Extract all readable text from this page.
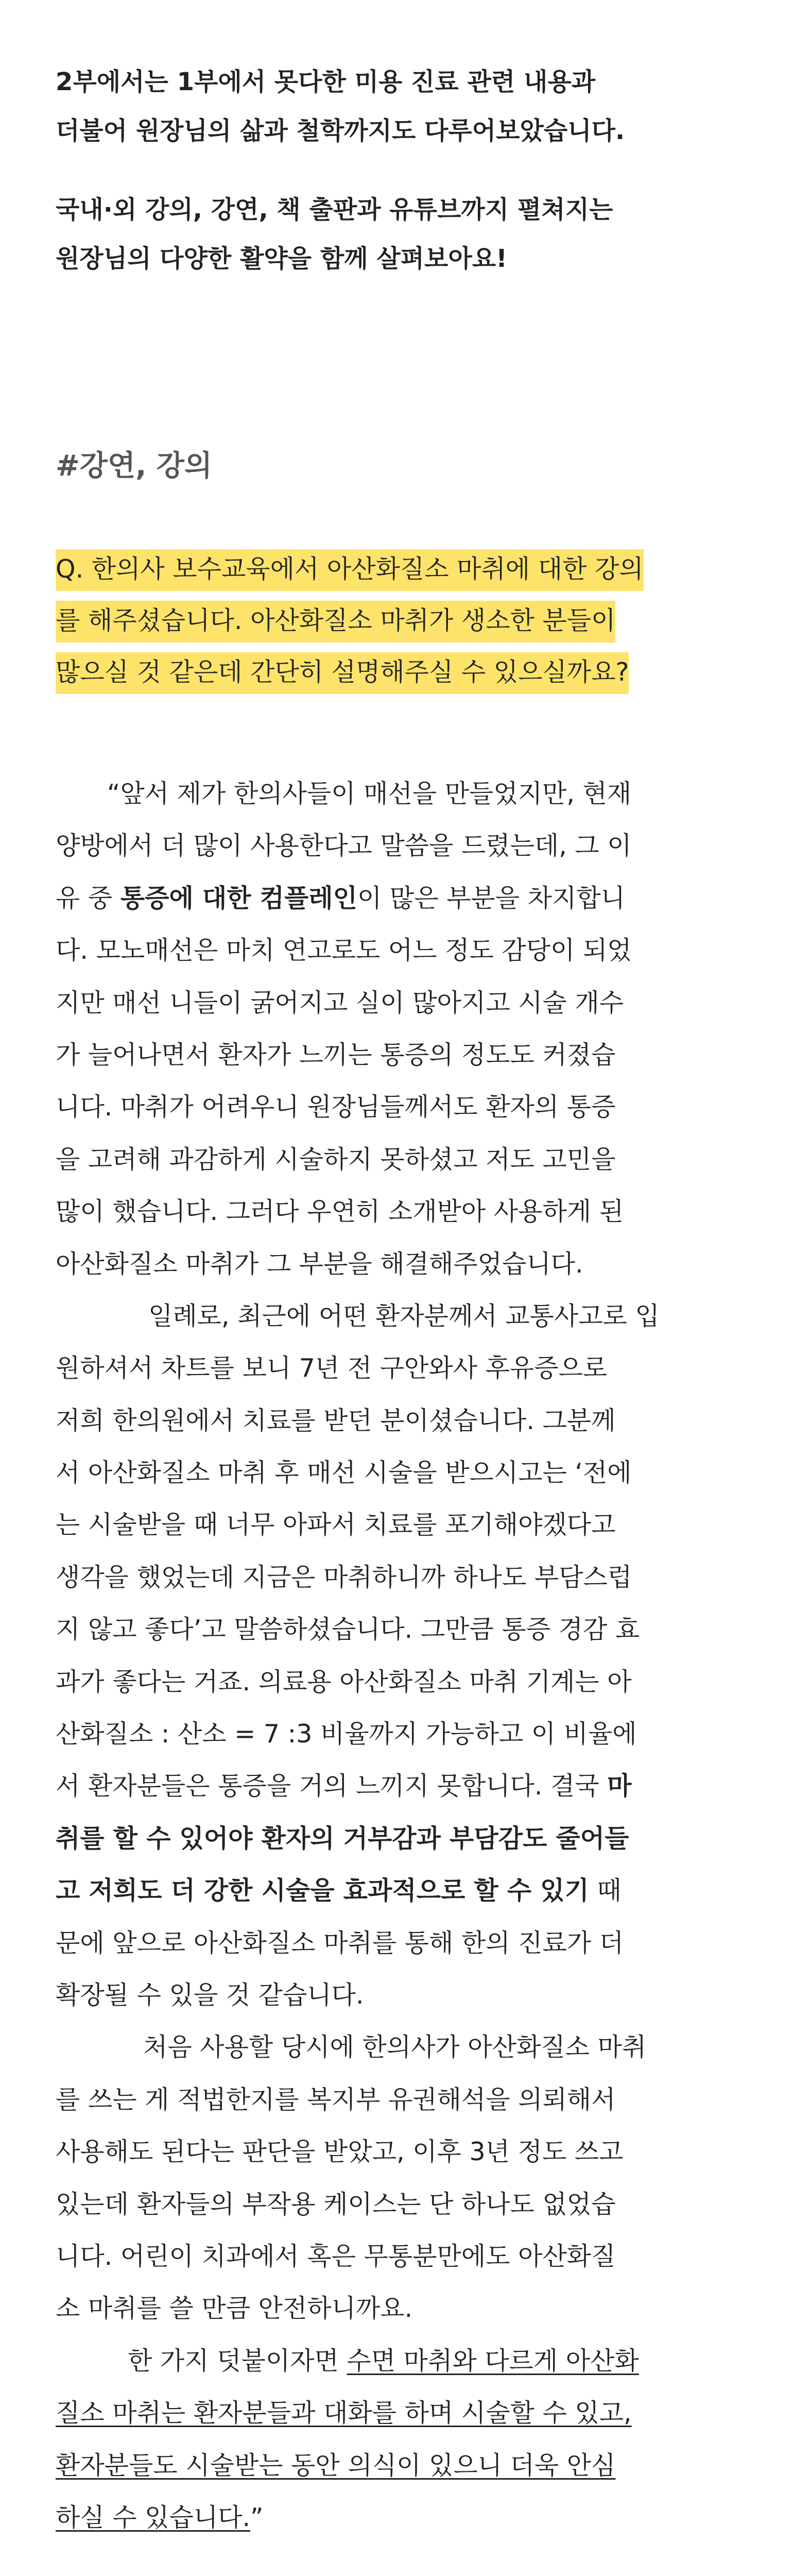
2부에서는 1부에서 못다한 미용 진료 관련 내용과
더불어 원장님의 삶과 철학까지도 다루어보았습니다.
국내·외 강의, 강연, 책 출판과 유튜브까지 펼쳐지는
원장님의 다양한 활약을 함께 살펴보아요!
#강연, 강의
Q. 한의사 보수교육에서 아산화질소 마취에 대한 강의
를 해주셨습니다. 아산화질소 마취가 생소한 분들이
많으실 것 같은데 간단히 설명해주실 수 있으실까요?
“앞서 제가 한의사들이 매선을 만들었지만, 현재
양방에서 더 많이 사용한다고 말씀을 드렸는데, 그 이
유 중 통증에 대한 컴플레인이 많은 부분을 차지합니
다. 모노매선은 마치 연고로도 어느 정도 감당이 되었
지만 매선 니들이 굵어지고 실이 많아지고 시술 개수
가 늘어나면서 환자가 느끼는 통증의 정도도 커졌습
니다. 마취가 어려우니 원장님들께서도 환자의 통증
을 고려해 과감하게 시술하지 못하셨고 저도 고민을
많이 했습니다. 그러다 우연히 소개받아 사용하게 된
아산화질소 마취가 그 부분을 해결해주었습니다.
일례로, 최근에 어떤 환자분께서 교통사고로 입
원하셔서 차트를 보니 7년 전 구안와사 후유증으로
저희 한의원에서 치료를 받던 분이셨습니다. 그분께
서 아산화질소 마취 후 매선 시술을 받으시고는 ‘전에
는 시술받을 때 너무 아파서 치료를 포기해야겠다고
생각을 했었는데 지금은 마취하니까 하나도 부담스럽
지 않고 좋다’고 말씀하셨습니다. 그만큼 통증 경감 효
과가 좋다는 거죠. 의료용 아산화질소 마취 기계는 아
산화질소 : 산소 = 7 :3 비율까지 가능하고 이 비율에
서 환자분들은 통증을 거의 느끼지 못합니다. 결국 마
취를 할 수 있어야 환자의 거부감과 부담감도 줄어들
고 저희도 더 강한 시술을 효과적으로 할 수 있기 때
문에 앞으로 아산화질소 마취를 통해 한의 진료가 더
확장될 수 있을 것 같습니다.
처음 사용할 당시에 한의사가 아산화질소 마취
를 쓰는 게 적법한지를 복지부 유권해석을 의뢰해서
사용해도 된다는 판단을 받았고, 이후 3년 정도 쓰고
있는데 환자들의 부작용 케이스는 단 하나도 없었습
니다. 어린이 치과에서 혹은 무통분만에도 아산화질
소 마취를 쓸 만큼 안전하니까요.
한 가지 덧붙이자면 수면 마취와 다르게 아산화
질소 마취는 환자분들과 대화를 하며 시술할 수 있고,
환자분들도 시술받는 동안 의식이 있으니 더욱 안심
하실 수 있습니다.”
